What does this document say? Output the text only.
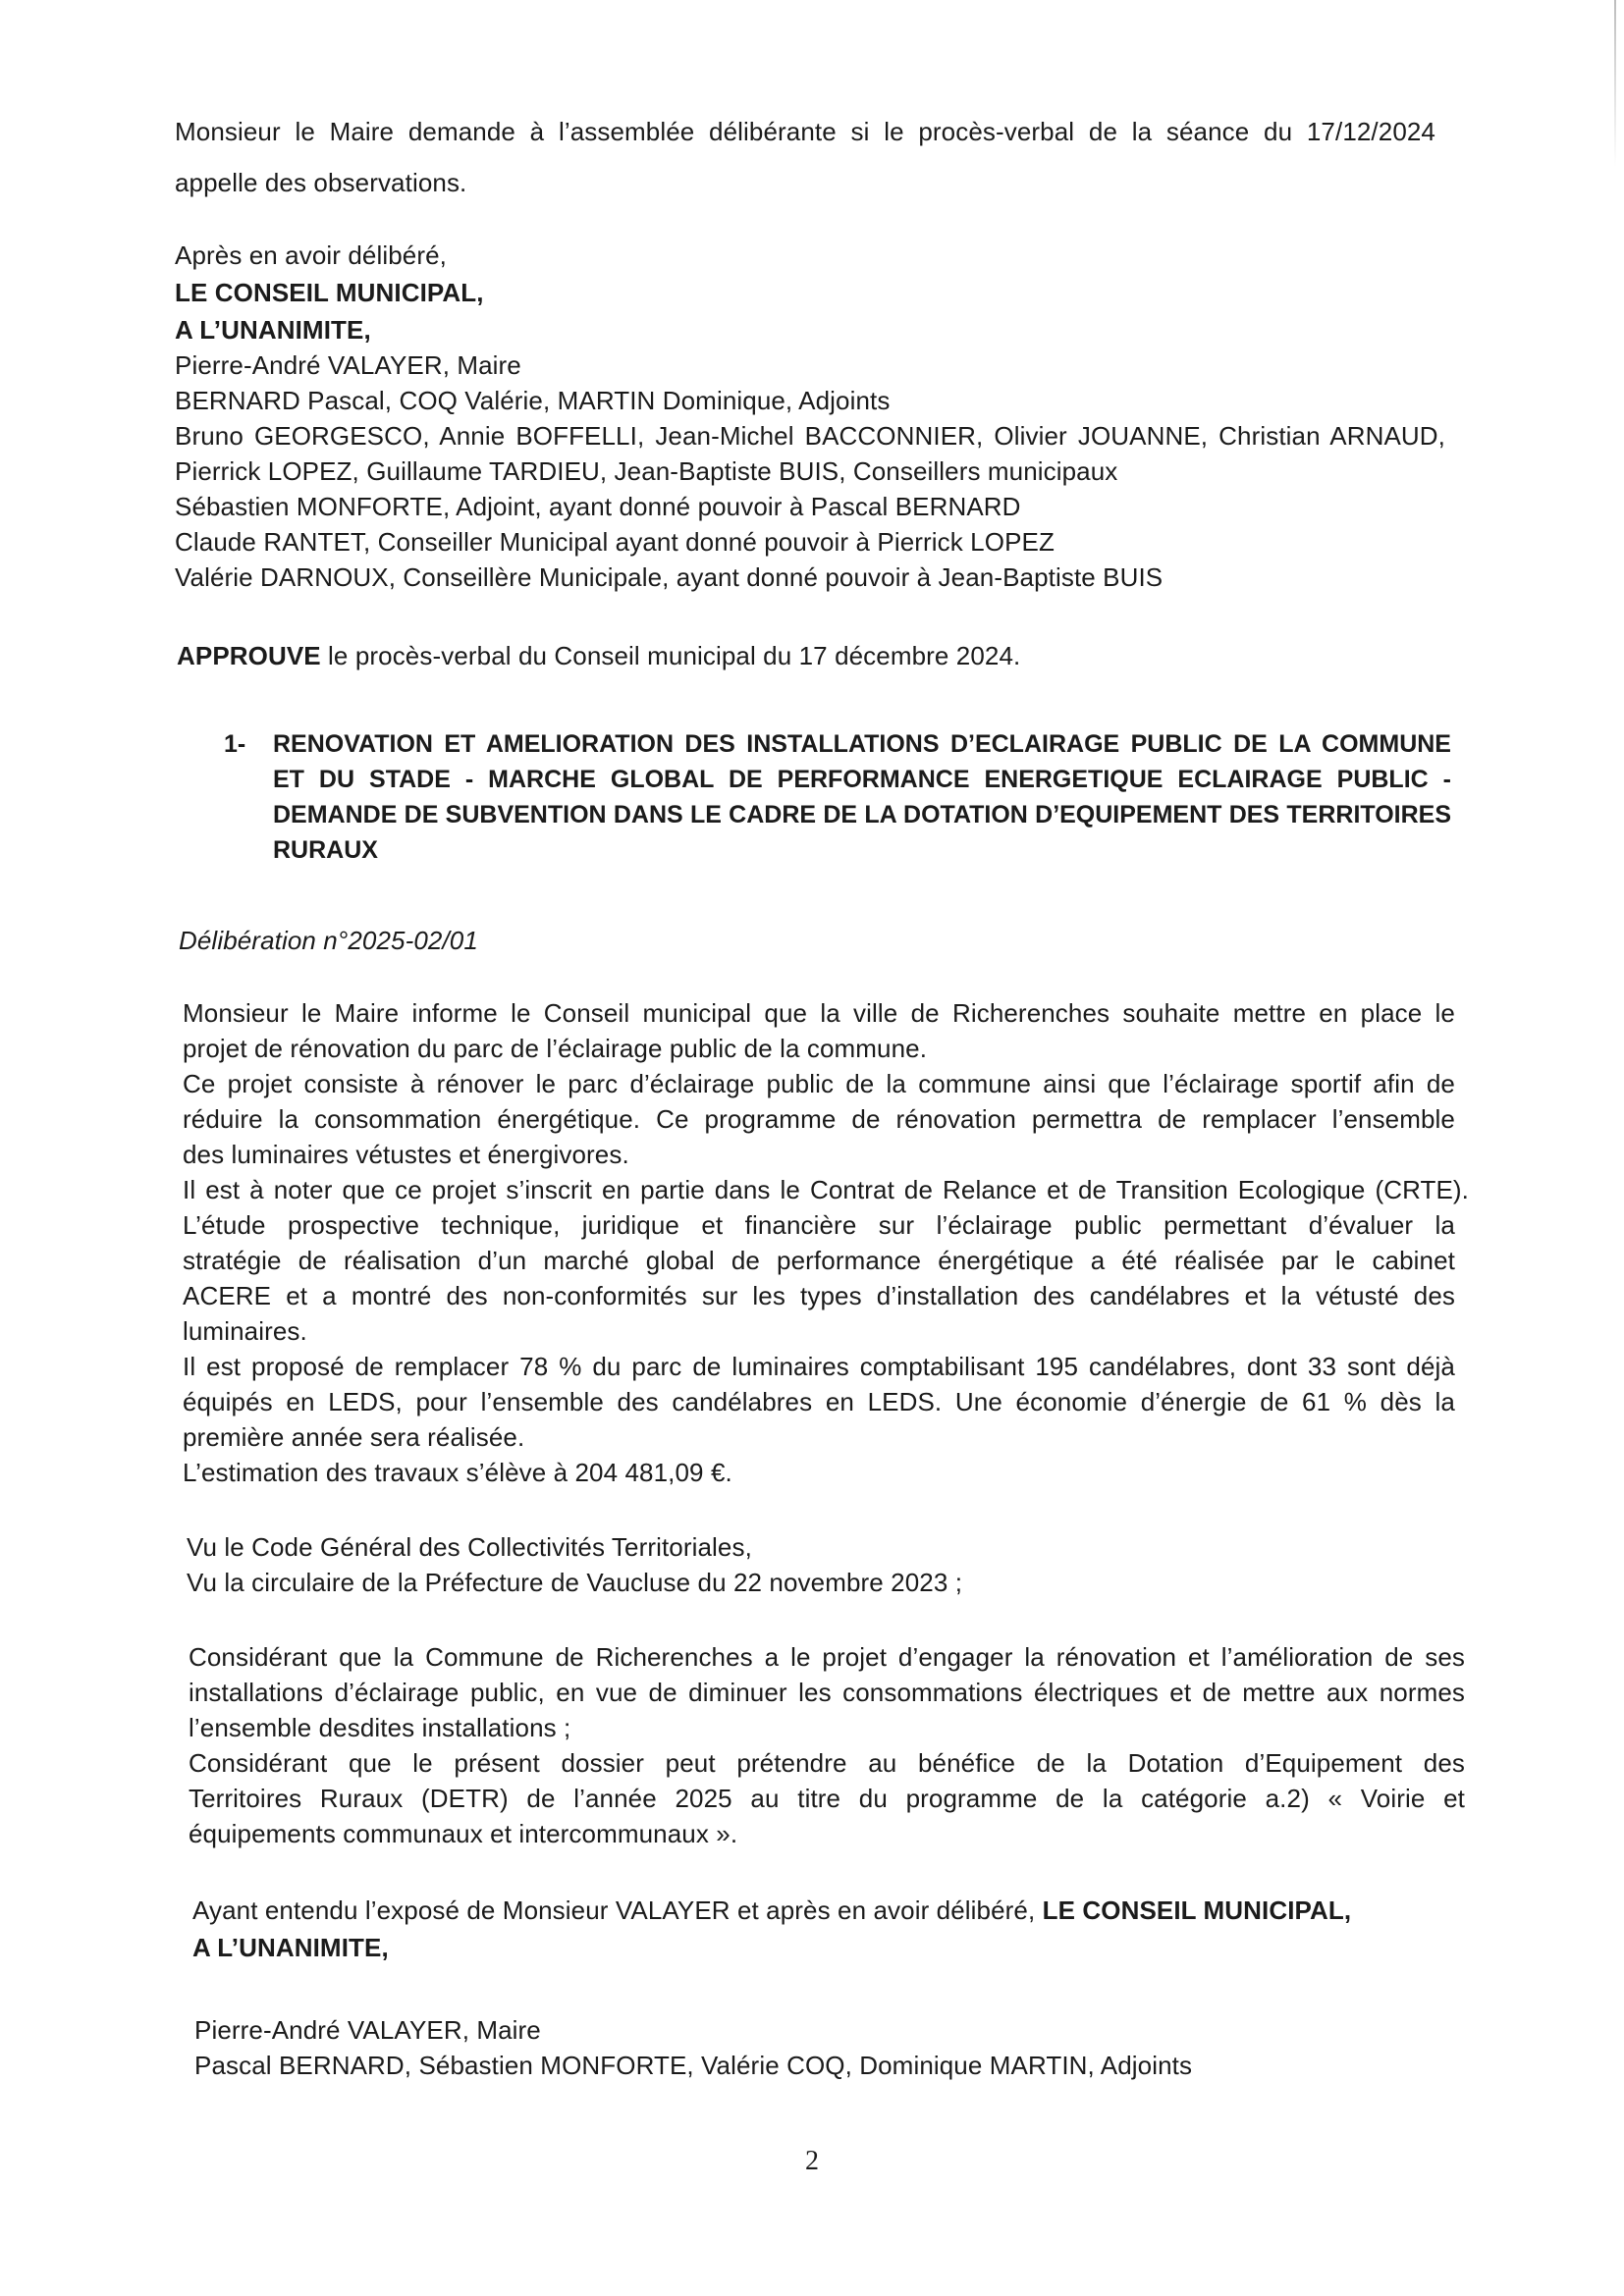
Monsieur le Maire demande à l’assemblée délibérante si le procès-verbal de la séance du 17/12/2024
appelle des observations.
Après en avoir délibéré,
LE CONSEIL MUNICIPAL,
A L’UNANIMITE,
Pierre-André VALAYER, Maire
BERNARD Pascal, COQ Valérie, MARTIN Dominique, Adjoints
Bruno GEORGESCO, Annie BOFFELLI, Jean-Michel BACCONNIER, Olivier JOUANNE, Christian ARNAUD,
Pierrick LOPEZ, Guillaume TARDIEU, Jean-Baptiste BUIS, Conseillers municipaux
Sébastien MONFORTE, Adjoint, ayant donné pouvoir à Pascal BERNARD
Claude RANTET, Conseiller Municipal ayant donné pouvoir à Pierrick LOPEZ
Valérie DARNOUX, Conseillère Municipale, ayant donné pouvoir à Jean-Baptiste BUIS
APPROUVE le procès-verbal du Conseil municipal du 17 décembre 2024.
1- RENOVATION ET AMELIORATION DES INSTALLATIONS D’ECLAIRAGE PUBLIC DE LA COMMUNE
ET DU STADE - MARCHE GLOBAL DE PERFORMANCE ENERGETIQUE ECLAIRAGE PUBLIC -
DEMANDE DE SUBVENTION DANS LE CADRE DE LA DOTATION D’EQUIPEMENT DES TERRITOIRES
RURAUX
Délibération n°2025-02/01
Monsieur le Maire informe le Conseil municipal que la ville de Richerenches souhaite mettre en place le
projet de rénovation du parc de l’éclairage public de la commune.
Ce projet consiste à rénover le parc d’éclairage public de la commune ainsi que l’éclairage sportif afin de
réduire la consommation énergétique. Ce programme de rénovation permettra de remplacer l’ensemble
des luminaires vétustes et énergivores.
Il est à noter que ce projet s’inscrit en partie dans le Contrat de Relance et de Transition Ecologique (CRTE).
L’étude prospective technique, juridique et financière sur l’éclairage public permettant d’évaluer la
stratégie de réalisation d’un marché global de performance énergétique a été réalisée par le cabinet
ACERE et a montré des non-conformités sur les types d’installation des candélabres et la vétusté des
luminaires.
Il est proposé de remplacer 78 % du parc de luminaires comptabilisant 195 candélabres, dont 33 sont déjà
équipés en LEDS, pour l’ensemble des candélabres en LEDS. Une économie d’énergie de 61 % dès la
première année sera réalisée.
L’estimation des travaux s’élève à 204 481,09 €.
Vu le Code Général des Collectivités Territoriales,
Vu la circulaire de la Préfecture de Vaucluse du 22 novembre 2023 ;
Considérant que la Commune de Richerenches a le projet d’engager la rénovation et l’amélioration de ses
installations d’éclairage public, en vue de diminuer les consommations électriques et de mettre aux normes
l’ensemble desdites installations ;
Considérant que le présent dossier peut prétendre au bénéfice de la Dotation d’Equipement des
Territoires Ruraux (DETR) de l’année 2025 au titre du programme de la catégorie a.2) « Voirie et
équipements communaux et intercommunaux ».
Ayant entendu l’exposé de Monsieur VALAYER et après en avoir délibéré, LE CONSEIL MUNICIPAL,
A L’UNANIMITE,
Pierre-André VALAYER, Maire
Pascal BERNARD, Sébastien MONFORTE, Valérie COQ, Dominique MARTIN, Adjoints
2
